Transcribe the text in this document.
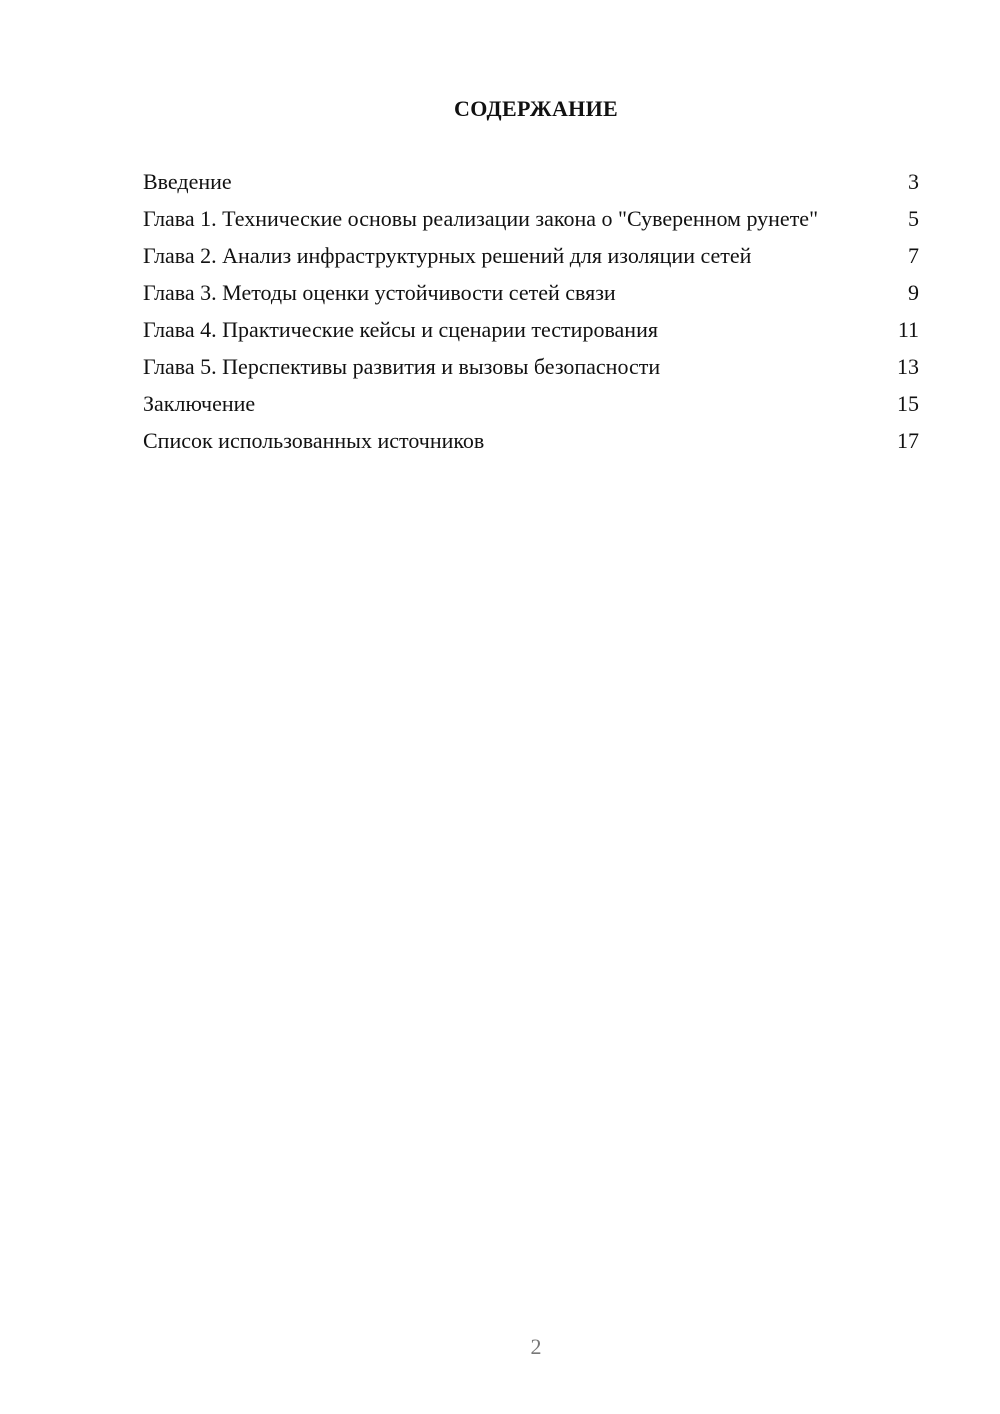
СОДЕРЖАНИЕ
Введение	3
Глава 1. Технические основы реализации закона о "Суверенном рунете"	5
Глава 2. Анализ инфраструктурных решений для изоляции сетей	7
Глава 3. Методы оценки устойчивости сетей связи	9
Глава 4. Практические кейсы и сценарии тестирования	11
Глава 5. Перспективы развития и вызовы безопасности	13
Заключение	15
Список использованных источников	17
2
